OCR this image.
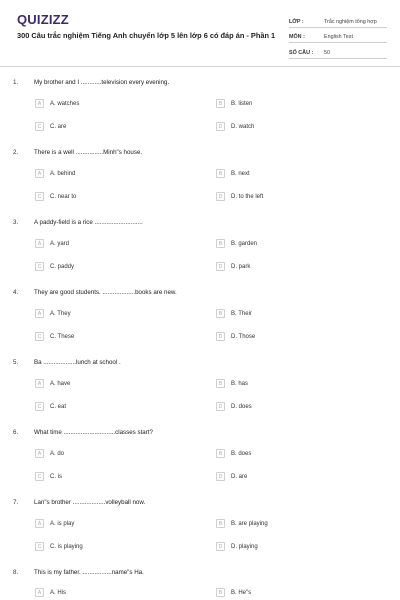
QUIZIZZ
300 Câu trắc nghiệm Tiếng Anh chuyển lớp 5 lên lớp 6 có đáp án - Phần 1
LỚP :	Trắc nghiệm tổng hợp
MÔN :	English Test
SỐ CÂU :	50
1.	My brother and I ............television every evening.
A	A. watches	B	B. listen
C	C. are	D	D. watch
2.	There is a well ................Minh"s house.
A	A. behind	B	B. next
C	C. near to	D	D. to the left
3.	A paddy-field is a rice ............................
A	A. yard	B	B. garden
C	C. paddy	D	D. park
4.	They are good students. ...................books are new.
A	A. They	B	B. Their
C	C. These	D	D. Those
5.	Ba ...................lunch at school .
A	A. have	B	B. has
C	C. eat	D	D. does
6.	What time ..............................classes start?
A	A. do	B	B. does
C	C. is	D	D. are
7.	Lan"s brother ...................volleyball now.
A	A. is play	B	B. are playing
C	C. is playing	D	D. playing
8.	This is my father. .................name"s Ha.
A	A. His	B	B. He"s
